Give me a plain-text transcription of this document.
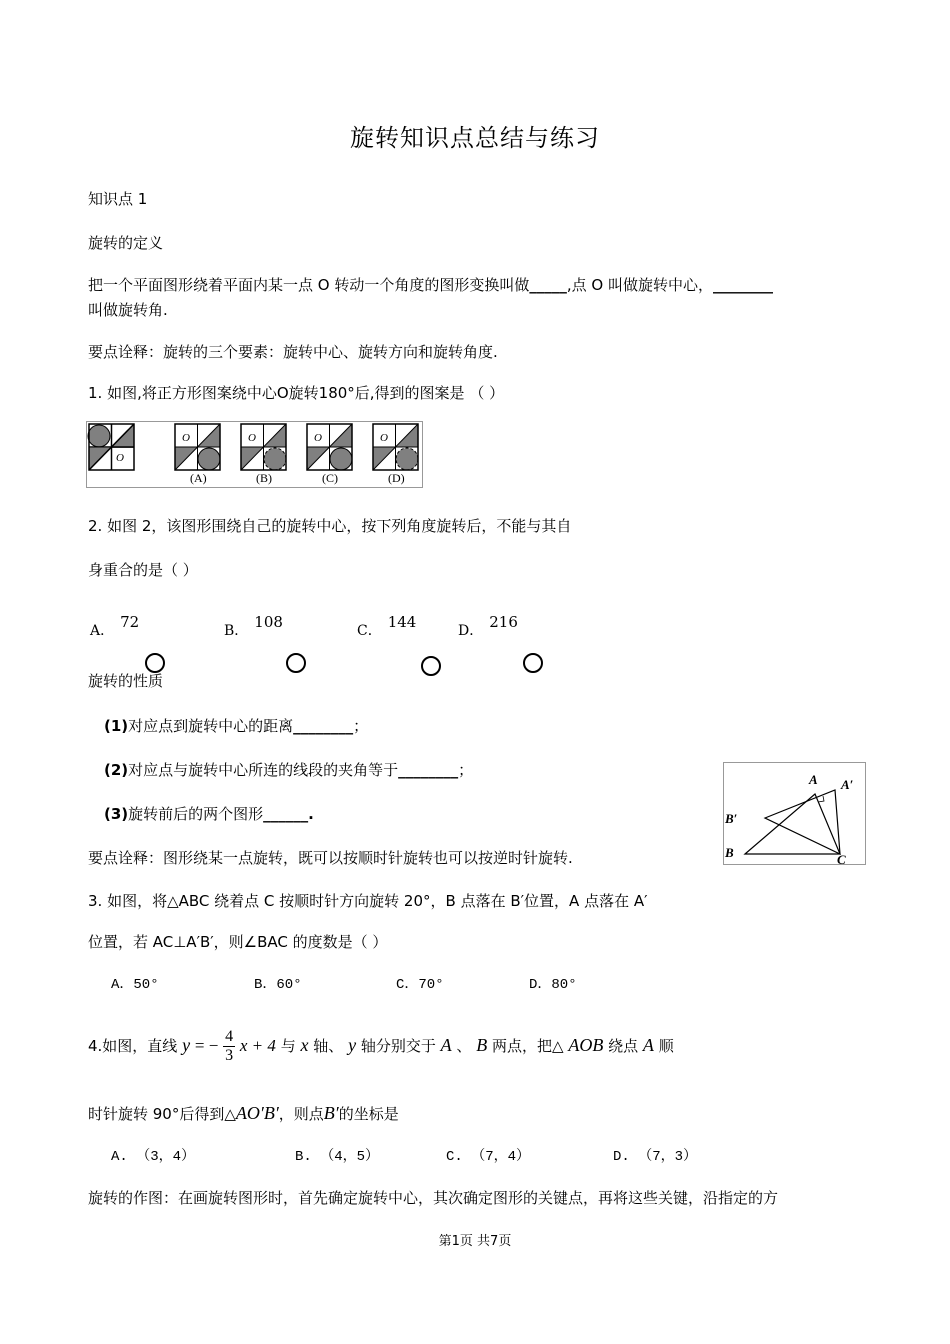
旋转知识点总结与练习
知识点 1
旋转的定义
把一个平面图形绕着平面内某一点 O 转动一个角度的图形变换叫做_____,点 O 叫做旋转中心，________
叫做旋转角.
要点诠释：旋转的三个要素：旋转中心、旋转方向和旋转角度.
1. 如图,将正方形图案绕中心O旋转180°后,得到的图案是 （ ）
O
O	O	O	O
(A)	(B)	(C)	(D)
2. 如图 2，该图形围绕自己的旋转中心，按下列角度旋转后，不能与其自
身重合的是（ ）
A． 72	B． 108	C． 144	D． 216
旋转的性质
(1)对应点到旋转中心的距离________；
(2)对应点与旋转中心所连的线段的夹角等于________；
(3)旋转前后的两个图形______.
A A′
B′
B	C
要点诠释：图形绕某一点旋转，既可以按顺时针旋转也可以按逆时针旋转.
3. 如图，将△ABC 绕着点 C 按顺时针方向旋转 20°，B 点落在 B′位置，A 点落在 A′
位置，若 AC⊥A′B′，则∠BAC 的度数是（ ）
A．50°	B．60°	C．70°	D．80°
4.如图，直线 y = − $\frac{4}{3}$ x + 4 与 x 轴、 y 轴分别交于 A 、 B 两点，把△ AOB 绕点 A 顺
时针旋转 90°后得到△AO′B′，则点B′的坐标是
A. （3，4）	B. （4，5）	C. （7，4）	D. （7，3）
旋转的作图：在画旋转图形时，首先确定旋转中心，其次确定图形的关键点，再将这些关键，沿指定的方
第1页 共7页
